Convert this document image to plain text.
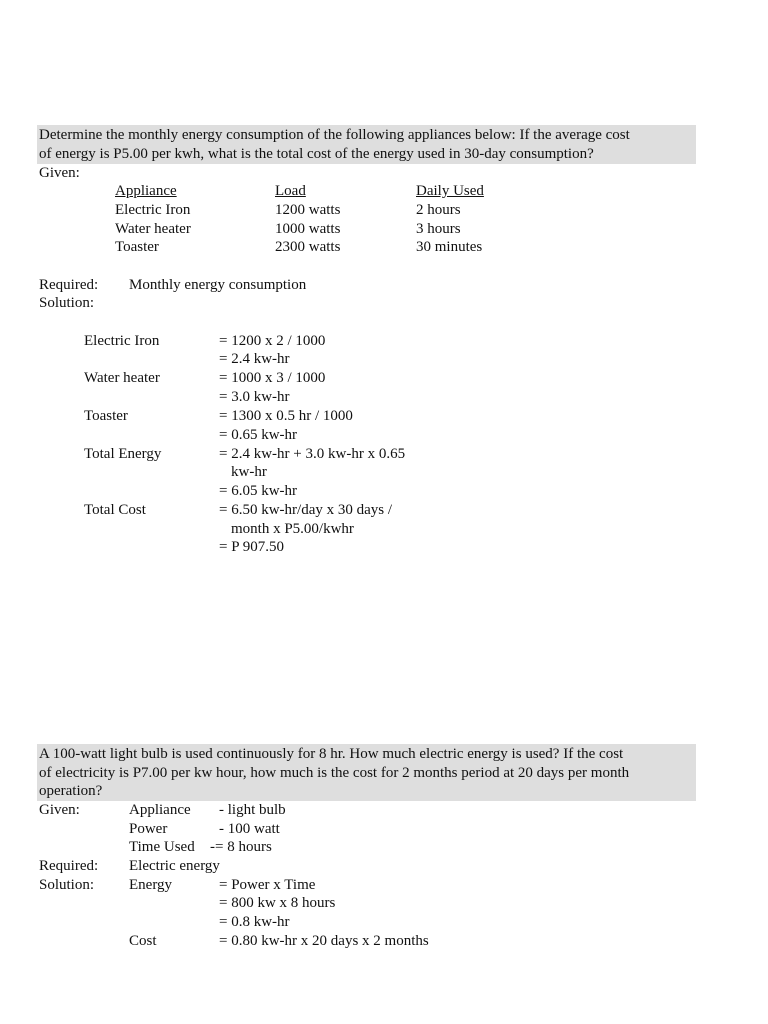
Determine the monthly energy consumption of the following appliances below: If the average cost
of energy is P5.00 per kwh, what is the total cost of the energy used in 30-day consumption?
Given:
Appliance	Load	Daily Used
Electric Iron	1200 watts	2 hours
Water heater	1000 watts	3 hours
Toaster	2300 watts	30 minutes
Required: Monthly energy consumption
Solution:
Electric Iron	= 1200 x 2 / 1000
= 2.4 kw-hr
Water heater	= 1000 x 3 / 1000
= 3.0 kw-hr
Toaster	= 1300 x 0.5 hr / 1000
= 0.65 kw-hr
Total Energy	= 2.4 kw-hr + 3.0 kw-hr x 0.65
kw-hr
= 6.05 kw-hr
Total Cost	= 6.50 kw-hr/day x 30 days /
month x P5.00/kwhr
= P 907.50
A 100-watt light bulb is used continuously for 8 hr. How much electric energy is used? If the cost
of electricity is P7.00 per kw hour, how much is the cost for 2 months period at 20 days per month
operation?
Given:	Appliance - light bulb
Power	- 100 watt
Time Used -= 8 hours
Required: Electric energy
Solution: Energy	= Power x Time
= 800 kw x 8 hours
= 0.8 kw-hr
Cost	= 0.80 kw-hr x 20 days x 2 months
